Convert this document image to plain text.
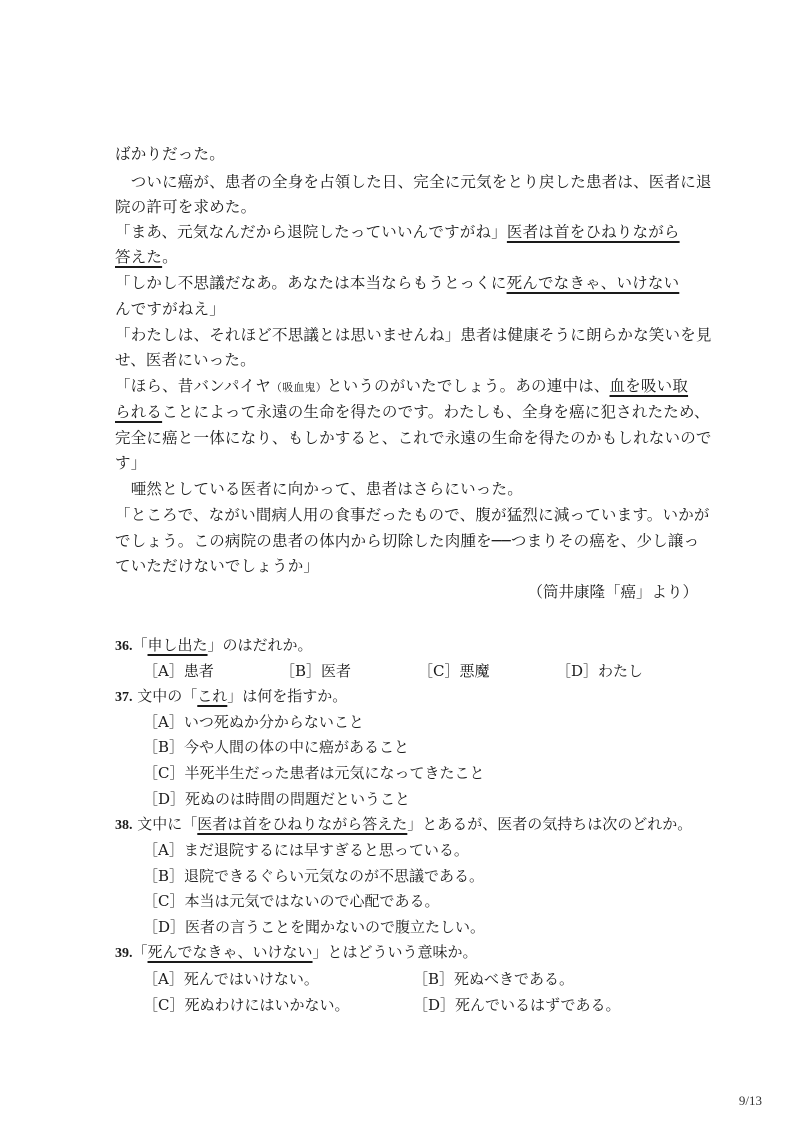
ばかりだった。
　ついに癌が、患者の全身を占領した日、完全に元気をとり戻した患者は、医者に退
院の許可を求めた。
「まあ、元気なんだから退院したっていいんですがね」医者は首をひねりながら
答えた。
「しかし不思議だなあ。あなたは本当ならもうとっくに死んでなきゃ、いけない
んですがねえ」
「わたしは、それほど不思議とは思いませんね」患者は健康そうに朗らかな笑いを見
せ、医者にいった。
「ほら、昔バンパイヤ（吸血鬼）というのがいたでしょう。あの連中は、血を吸い取
られることによって永遠の生命を得たのです。わたしも、全身を癌に犯されたため、
完全に癌と一体になり、もしかすると、これで永遠の生命を得たのかもしれないので
す」
　唖然としている医者に向かって、患者はさらにいった。
「ところで、ながい間病人用の食事だったもので、腹が猛烈に減っています。いかが
でしょう。この病院の患者の体内から切除した肉腫を──つまりその癌を、少し譲っ
ていただけないでしょうか」
（筒井康隆「癌」より）
36.「申し出た」のはだれか。
［A］患者	［B］医者	［C］悪魔	［D］わたし
37. 文中の「これ」は何を指すか。
［A］いつ死ぬか分からないこと
［B］今や人間の体の中に癌があること
［C］半死半生だった患者は元気になってきたこと
［D］死ぬのは時間の問題だということ
38. 文中に「医者は首をひねりながら答えた」とあるが、医者の気持ちは次のどれか。
［A］まだ退院するには早すぎると思っている。
［B］退院できるぐらい元気なのが不思議である。
［C］本当は元気ではないので心配である。
［D］医者の言うことを聞かないので腹立たしい。
39.「死んでなきゃ、いけない」とはどういう意味か。
［A］死んではいけない。	［B］死ぬべきである。
［C］死ぬわけにはいかない。	［D］死んでいるはずである。
9/13
